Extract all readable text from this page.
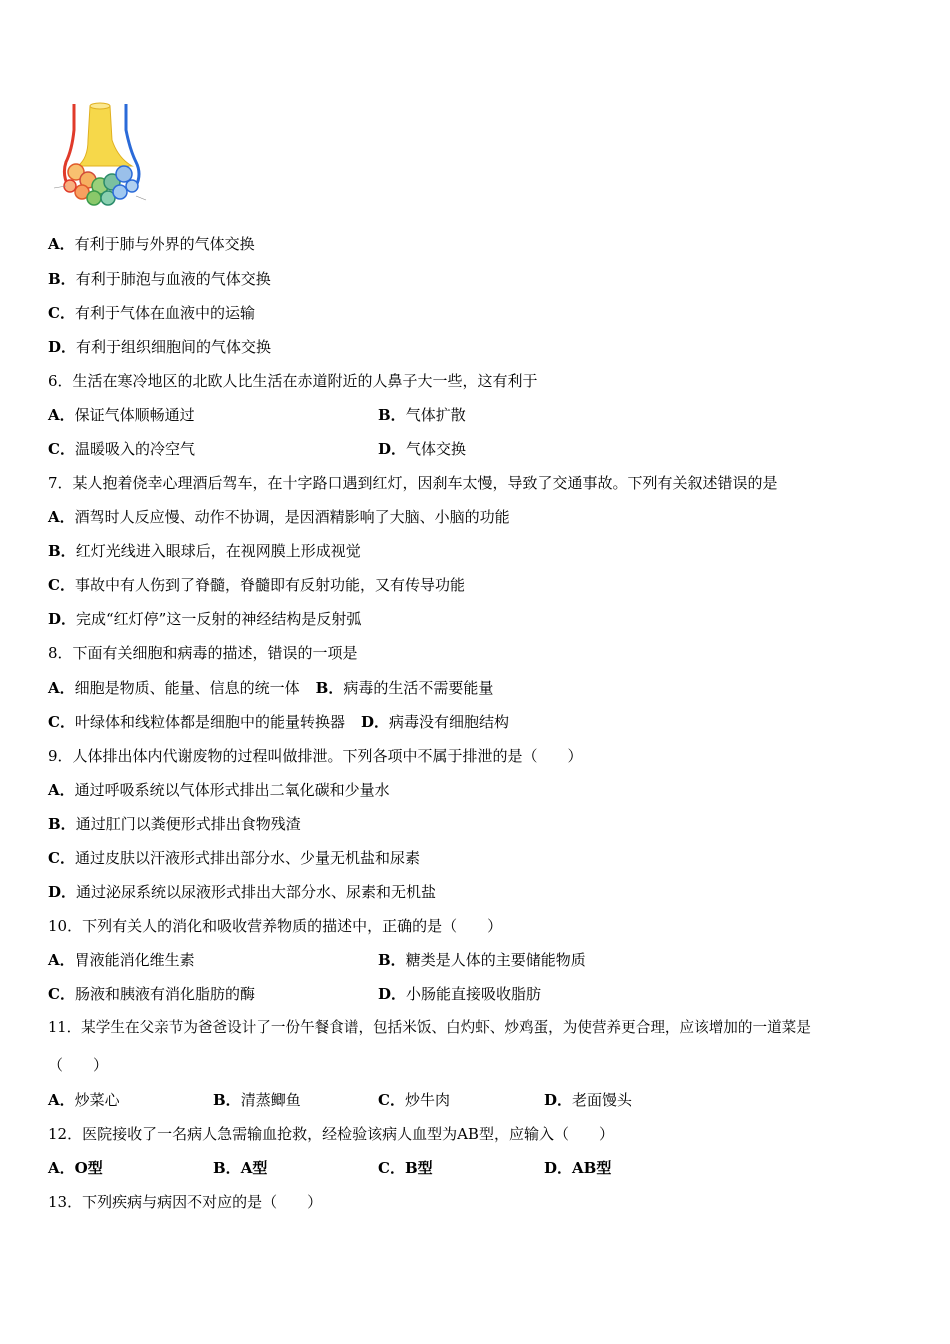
A．有利于肺与外界的气体交换
B．有利于肺泡与血液的气体交换
C．有利于气体在血液中的运输
D．有利于组织细胞间的气体交换
6．生活在寒冷地区的北欧人比生活在赤道附近的人鼻子大一些，这有利于
A．保证气体顺畅通过	B．气体扩散
C．温暖吸入的冷空气	D．气体交换
7．某人抱着侥幸心理酒后驾车，在十字路口遇到红灯，因刹车太慢，导致了交通事故。下列有关叙述错误的是
A．酒驾时人反应慢、动作不协调，是因酒精影响了大脑、小脑的功能
B．红灯光线进入眼球后，在视网膜上形成视觉
C．事故中有人伤到了脊髓，脊髓即有反射功能，又有传导功能
D．完成“红灯停”这一反射的神经结构是反射弧
8．下面有关细胞和病毒的描述，错误的一项是
A．细胞是物质、能量、信息的统一体 B．病毒的生活不需要能量
C．叶绿体和线粒体都是细胞中的能量转换器 D．病毒没有细胞结构
9．人体排出体内代谢废物的过程叫做排泄。下列各项中不属于排泄的是（　　）
A．通过呼吸系统以气体形式排出二氧化碳和少量水
B．通过肛门以粪便形式排出食物残渣
C．通过皮肤以汗液形式排出部分水、少量无机盐和尿素
D．通过泌尿系统以尿液形式排出大部分水、尿素和无机盐
10．下列有关人的消化和吸收营养物质的描述中，正确的是（　　）
A．胃液能消化维生素	B．糖类是人体的主要储能物质
C．肠液和胰液有消化脂肪的酶	D．小肠能直接吸收脂肪
11．某学生在父亲节为爸爸设计了一份午餐食谱，包括米饭、白灼虾、炒鸡蛋，为使营养更合理，应该增加的一道菜是
（　　）
A．炒菜心	B．清蒸鲫鱼	C．炒牛肉	D．老面馒头
12．医院接收了一名病人急需输血抢救，经检验该病人血型为AB型，应输入（　　）
A．O型	B．A型	C．B型	D．AB型
13．下列疾病与病因不对应的是（　　）
